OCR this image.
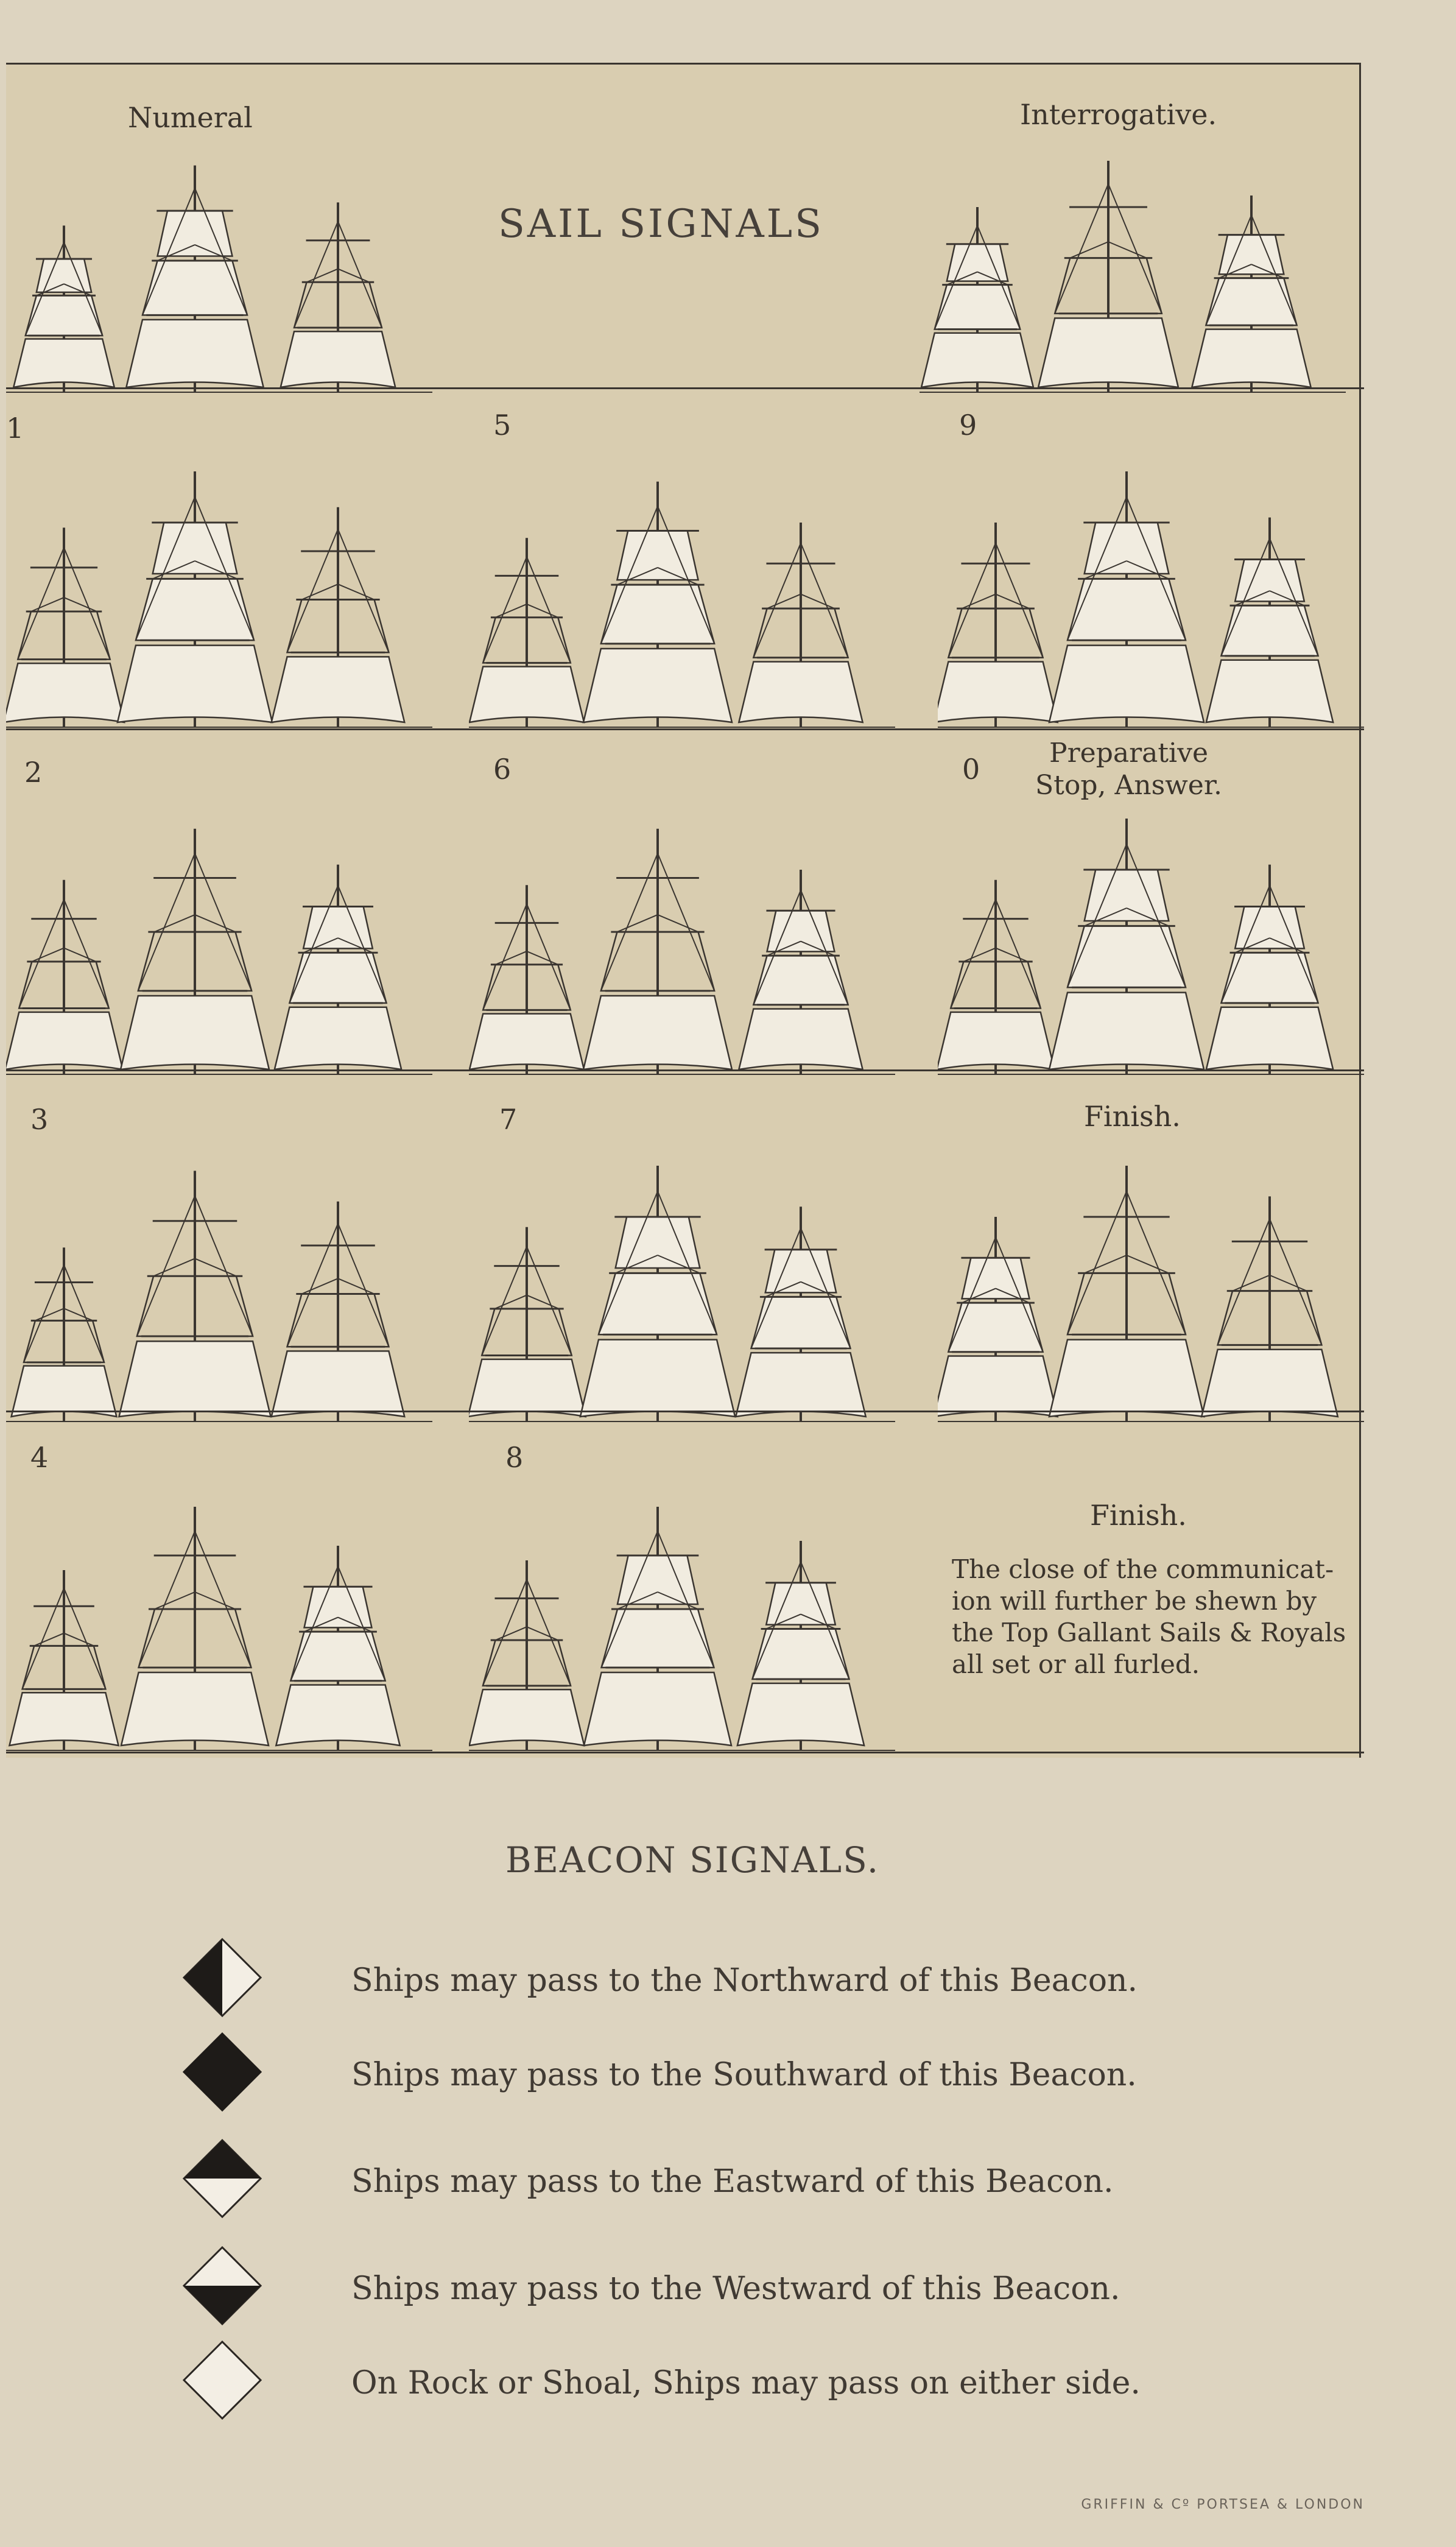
SAIL SIGNALS
Numeral	Interrogative.
1	5	9
2	6	0	Preparative
Stop, Answer.
3	7	Finish.
4	8
Finish.
The close of the communicat-ion will further be shewn by the Top Gallant Sails & Royals all set or all furled.
BEACON SIGNALS.
Ships may pass to the Northward of this Beacon.
Ships may pass to the Southward of this Beacon.
Ships may pass to the Eastward of this Beacon.
Ships may pass to the Westward of this Beacon.
On Rock or Shoal, Ships may pass on either side.
GRIFFIN & Cº PORTSEA & LONDON
